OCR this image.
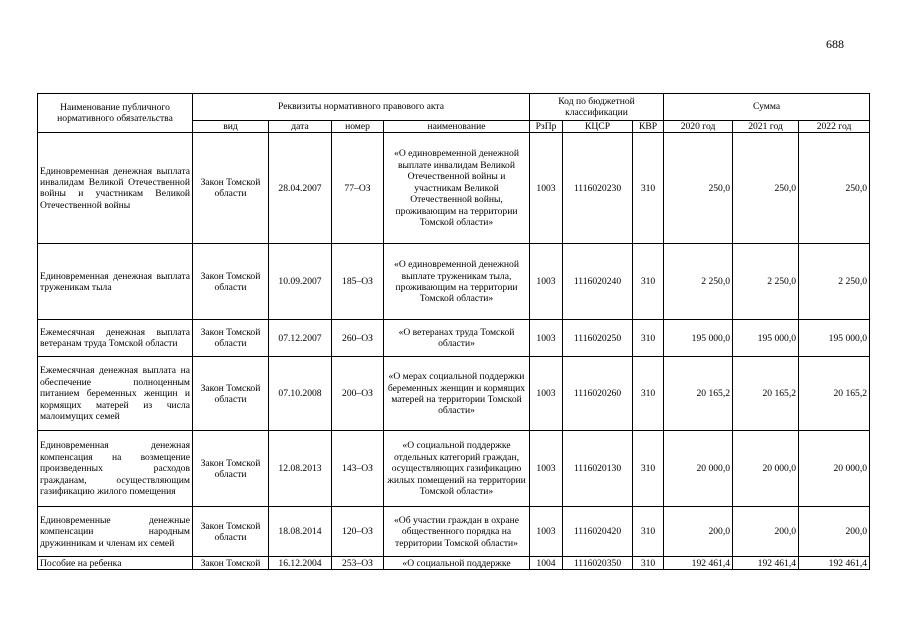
688
Наименование публичного нормативного обязательства	Реквизиты нормативного правового акта				Код по бюджетной классификации			Сумма		
	вид	дата	номер	наименование	РзПр	КЦСР	КВР	2020 год	2021 год	2022 год
Единовременная денежная выплата инвалидам Великой Отечественной войны и участникам Великой Отечественной войны	Закон Томской области	28.04.2007	77–ОЗ	«О единовременной денежной выплате инвалидам Великой Отечественной войны и участникам Великой Отечественной войны, проживающим на территории Томской области»	1003	1116020230	310	250,0	250,0	250,0
Единовременная денежная выплата труженикам тыла	Закон Томской области	10.09.2007	185–ОЗ	«О единовременной денежной выплате труженикам тыла, проживающим на территории Томской области»	1003	1116020240	310	2 250,0	2 250,0	2 250,0
Ежемесячная денежная выплата ветеранам труда Томской области	Закон Томской области	07.12.2007	260–ОЗ	«О ветеранах труда Томской области»	1003	1116020250	310	195 000,0	195 000,0	195 000,0
Ежемесячная денежная выплата на обеспечение полноценным питанием беременных женщин и кормящих матерей из числа малоимущих семей	Закон Томской области	07.10.2008	200–ОЗ	«О мерах социальной поддержки беременных женщин и кормящих матерей на территории Томской области»	1003	1116020260	310	20 165,2	20 165,2	20 165,2
Единовременная денежная компенсация на возмещение произведенных расходов гражданам, осуществляющим газификацию жилого помещения	Закон Томской области	12.08.2013	143–ОЗ	«О социальной поддержке отдельных категорий граждан, осуществляющих газификацию жилых помещений на территории Томской области»	1003	1116020130	310	20 000,0	20 000,0	20 000,0
Единовременные денежные компенсации народным дружинникам и членам их семей	Закон Томской области	18.08.2014	120–ОЗ	«Об участии граждан в охране общественного порядка на территории Томской области»	1003	1116020420	310	200,0	200,0	200,0
Пособие на ребенка	Закон Томской	16.12.2004	253–ОЗ	«О социальной поддержке	1004	1116020350	310	192 461,4	192 461,4	192 461,4
